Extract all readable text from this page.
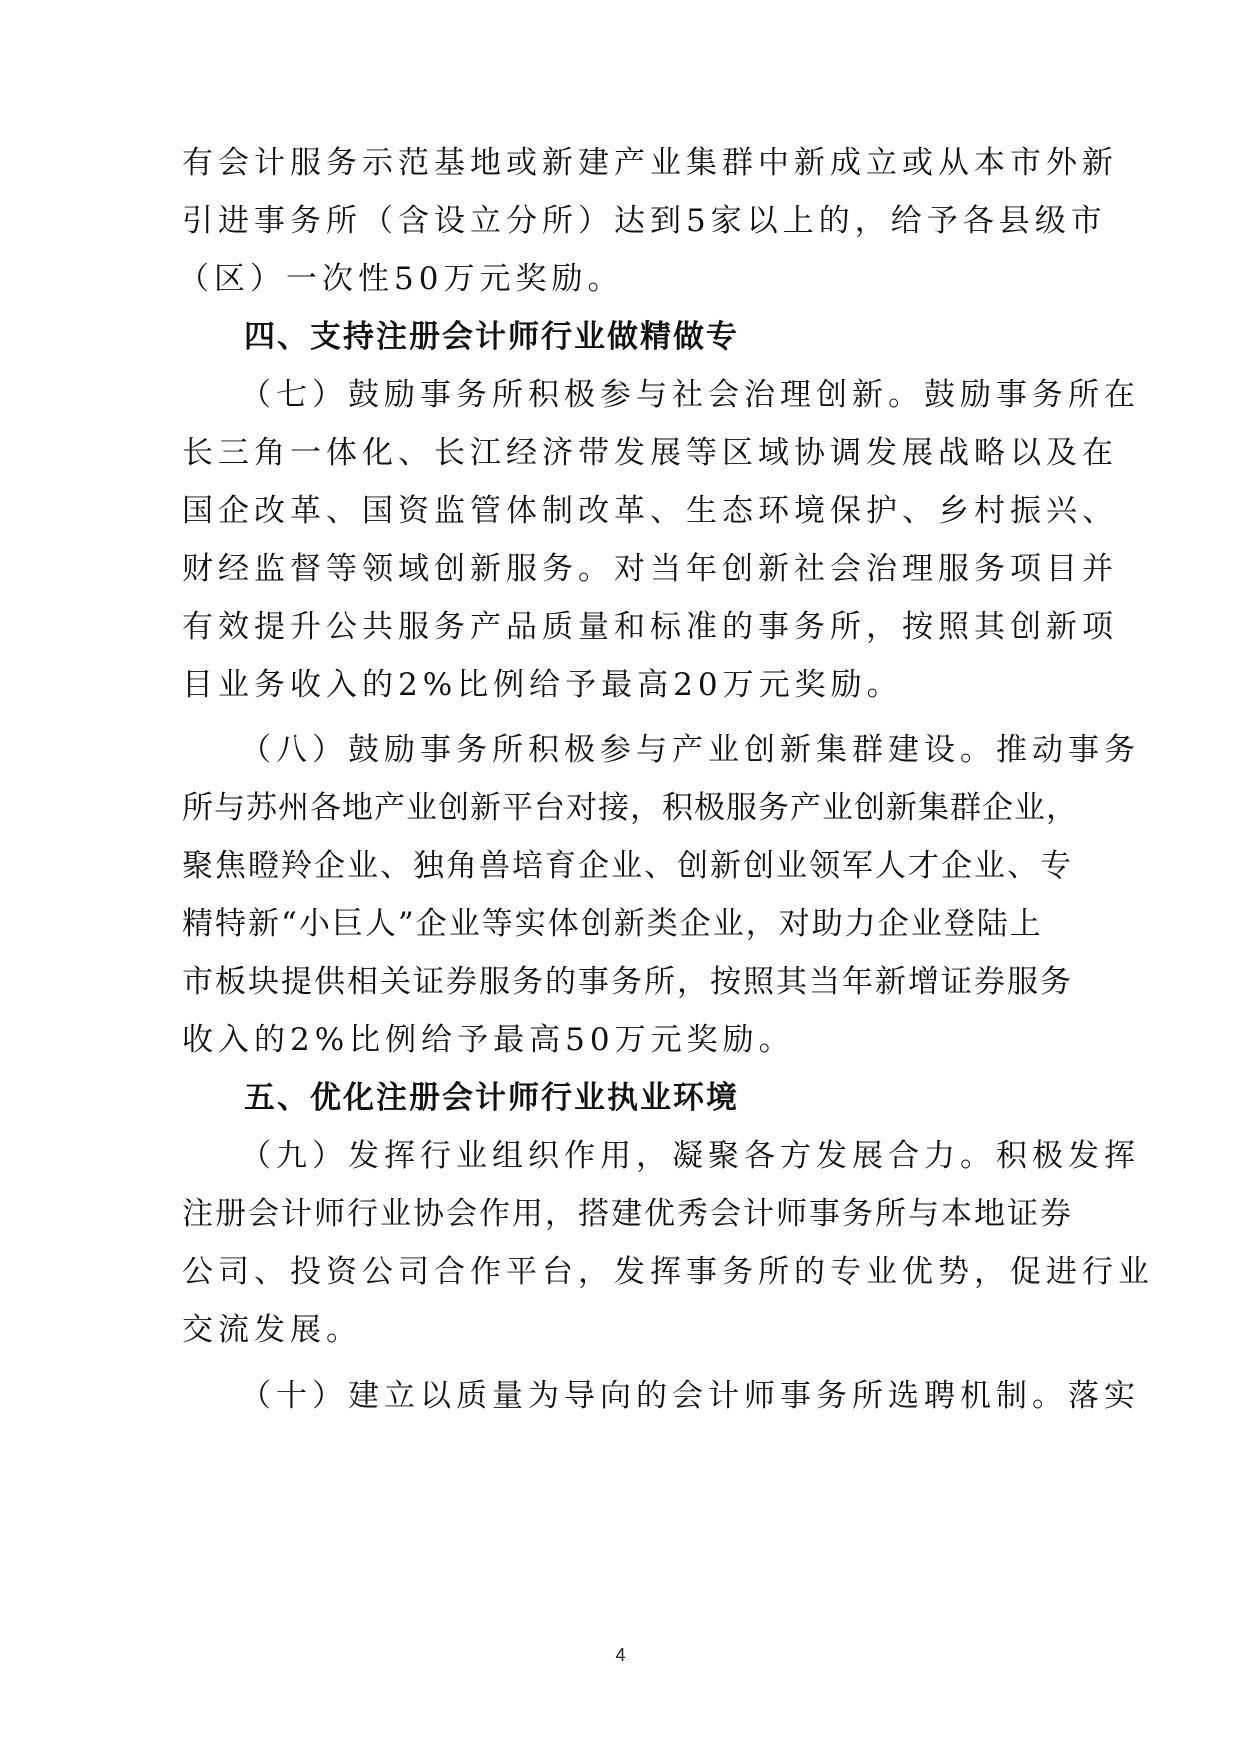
有会计服务示范基地或新建产业集群中新成立或从本市外新
引进事务所（含设立分所）达到5家以上的，给予各县级市
（区）一次性50万元奖励。
四、支持注册会计师行业做精做专
（七）鼓励事务所积极参与社会治理创新。鼓励事务所在
长三角一体化、长江经济带发展等区域协调发展战略以及在
国企改革、国资监管体制改革、生态环境保护、乡村振兴、
财经监督等领域创新服务。对当年创新社会治理服务项目并
有效提升公共服务产品质量和标准的事务所，按照其创新项
目业务收入的2%比例给予最高20万元奖励。
（八）鼓励事务所积极参与产业创新集群建设。推动事务
所与苏州各地产业创新平台对接，积极服务产业创新集群企业，
聚焦瞪羚企业、独角兽培育企业、创新创业领军人才企业、专
精特新“小巨人”企业等实体创新类企业，对助力企业登陆上
市板块提供相关证券服务的事务所，按照其当年新增证券服务
收入的2%比例给予最高50万元奖励。
五、优化注册会计师行业执业环境
（九）发挥行业组织作用，凝聚各方发展合力。积极发挥
注册会计师行业协会作用，搭建优秀会计师事务所与本地证券
公司、投资公司合作平台，发挥事务所的专业优势，促进行业
交流发展。
（十）建立以质量为导向的会计师事务所选聘机制。落实
4
